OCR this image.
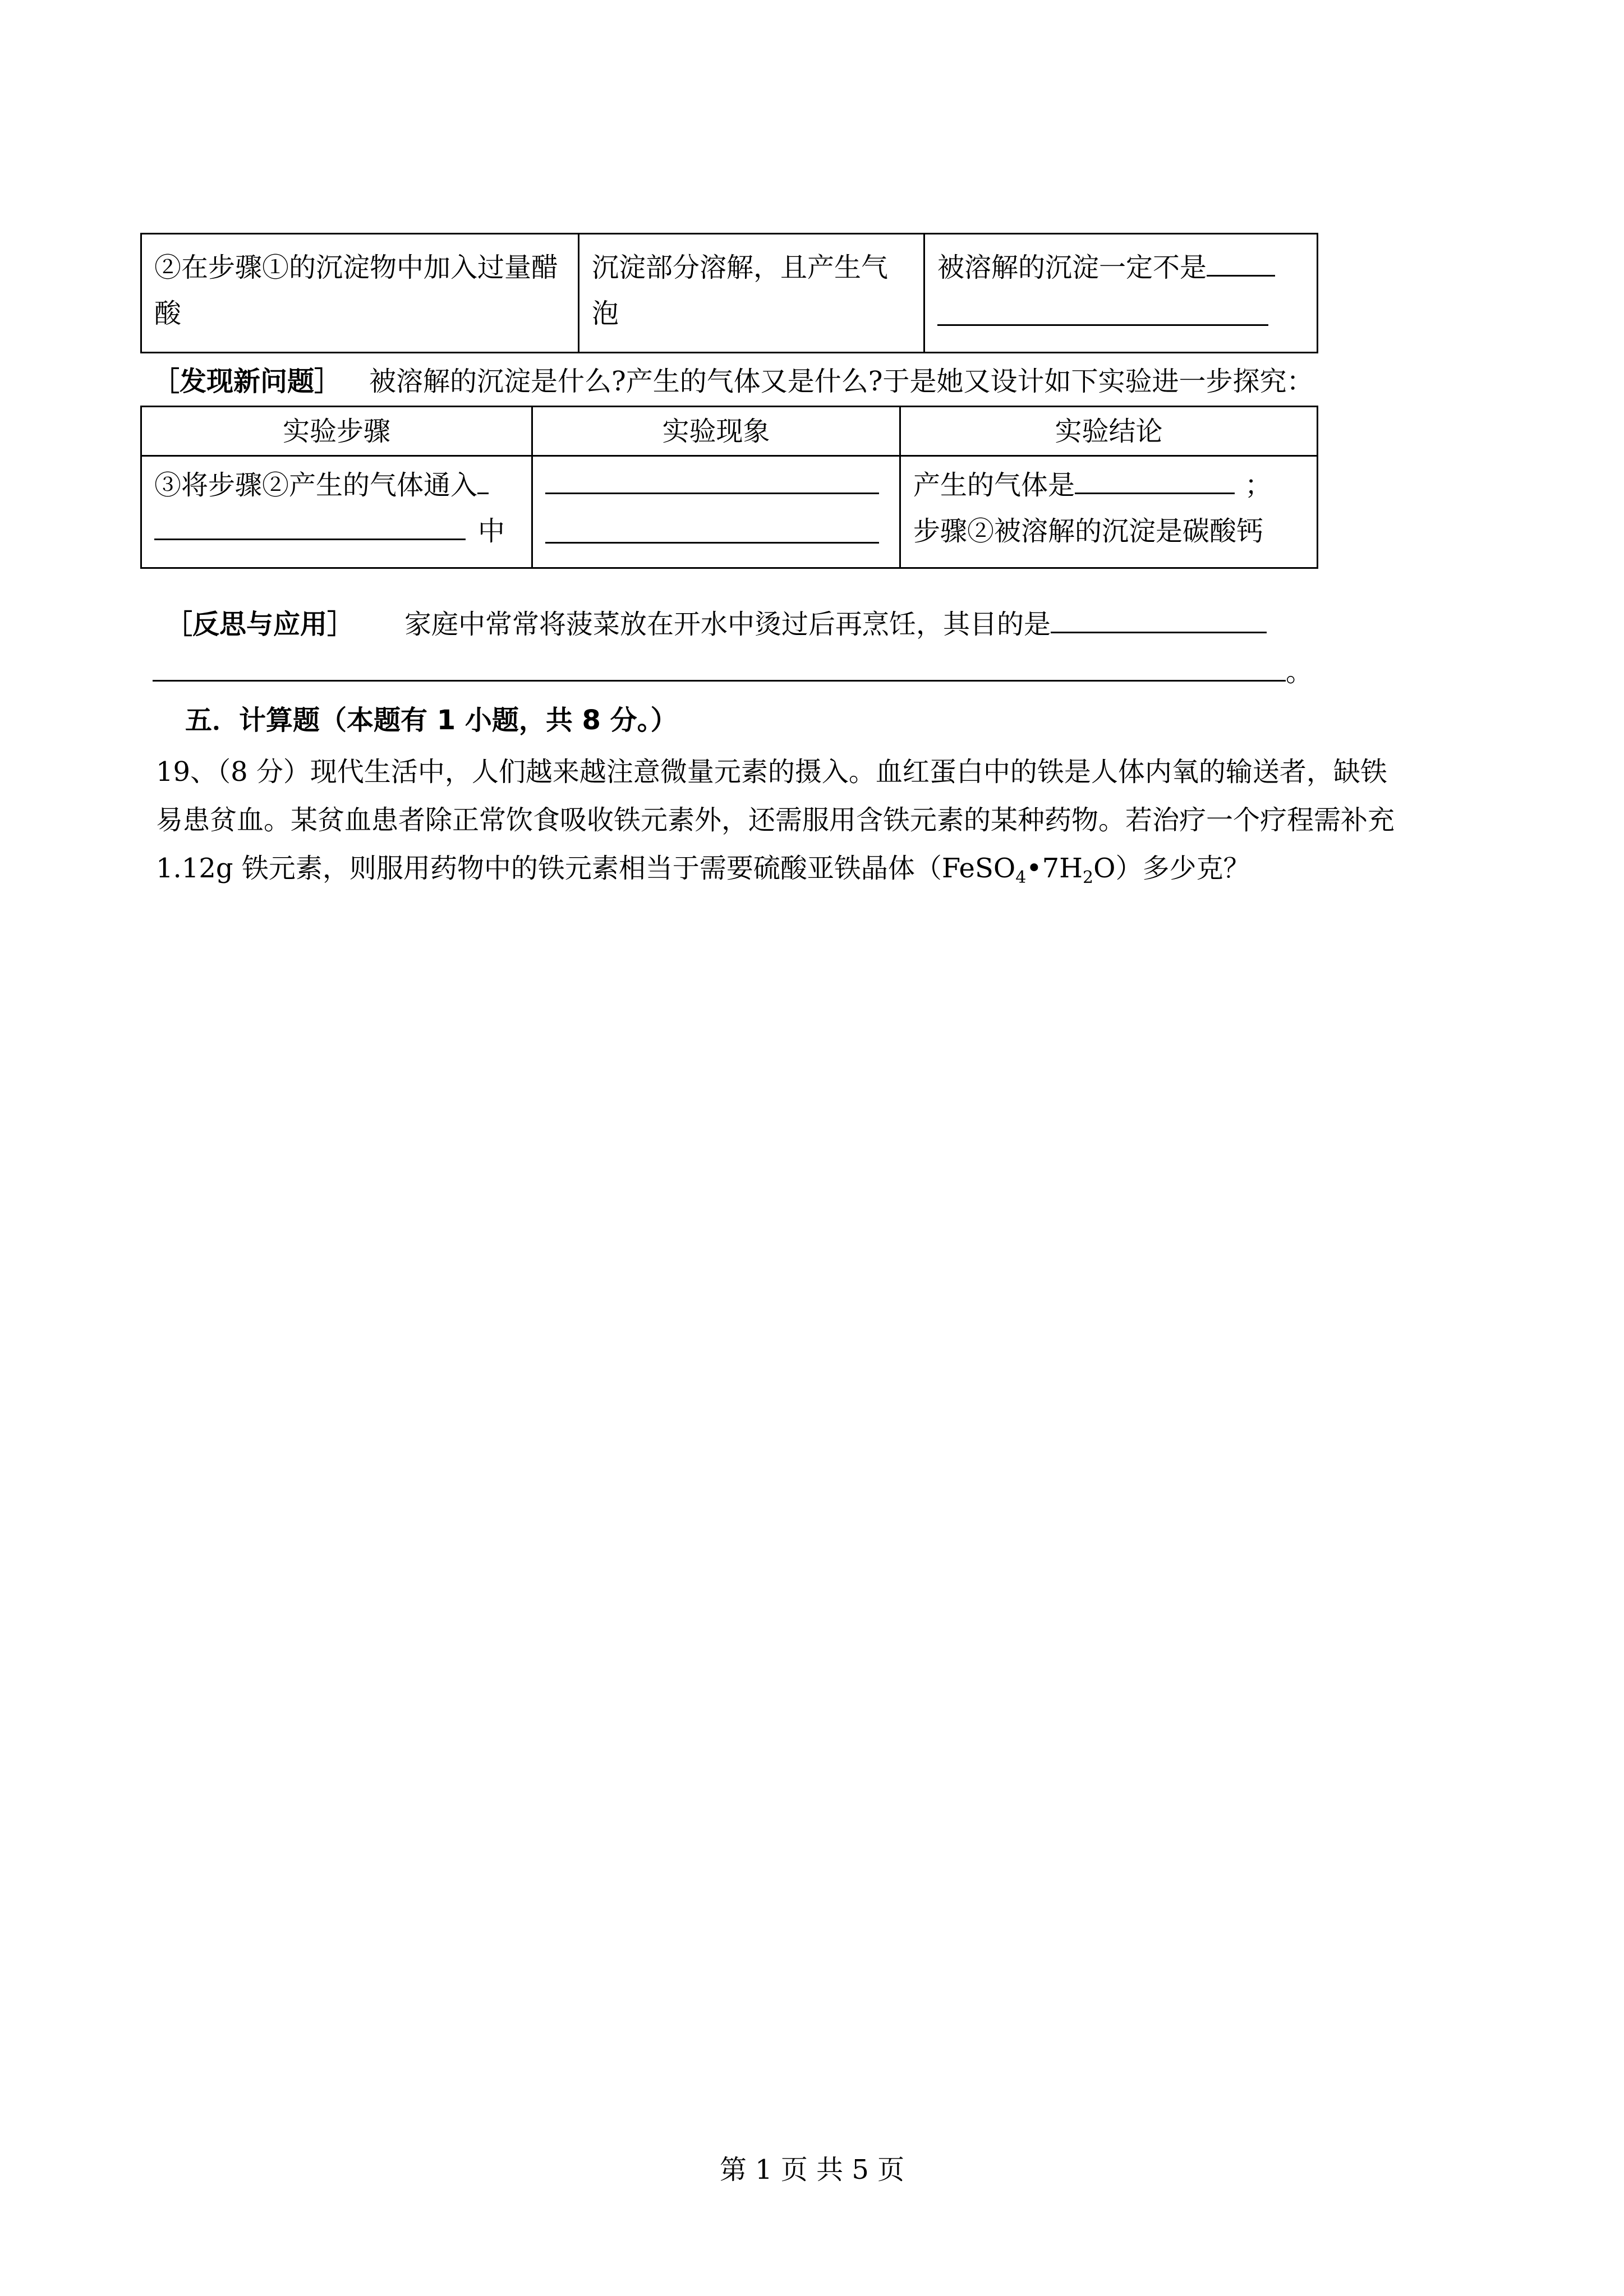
②在步骤①的沉淀物中加入过量醋酸	沉淀部分溶解，且产生气泡	被溶解的沉淀一定不是

［发现新问题］ 被溶解的沉淀是什么?产生的气体又是什么?于是她又设计如下实验进一步探究：
实验步骤	实验现象	实验结论
③将步骤②产生的气体通入
中		产生的气体是 ；
步骤②被溶解的沉淀是碳酸钙
［反思与应用］ 家庭中常常将菠菜放在开水中烫过后再烹饪，其目的是
。
五．计算题（本题有 1 小题，共 8 分。）
19、（8 分）现代生活中，人们越来越注意微量元素的摄入。血红蛋白中的铁是人体内氧的输送者，缺铁
易患贫血。某贫血患者除正常饮食吸收铁元素外，还需服用含铁元素的某种药物。若治疗一个疗程需补充
1.12g 铁元素，则服用药物中的铁元素相当于需要硫酸亚铁晶体$(FeSO_4•7H_2O)$多少克？
第 1 页 共 5 页
